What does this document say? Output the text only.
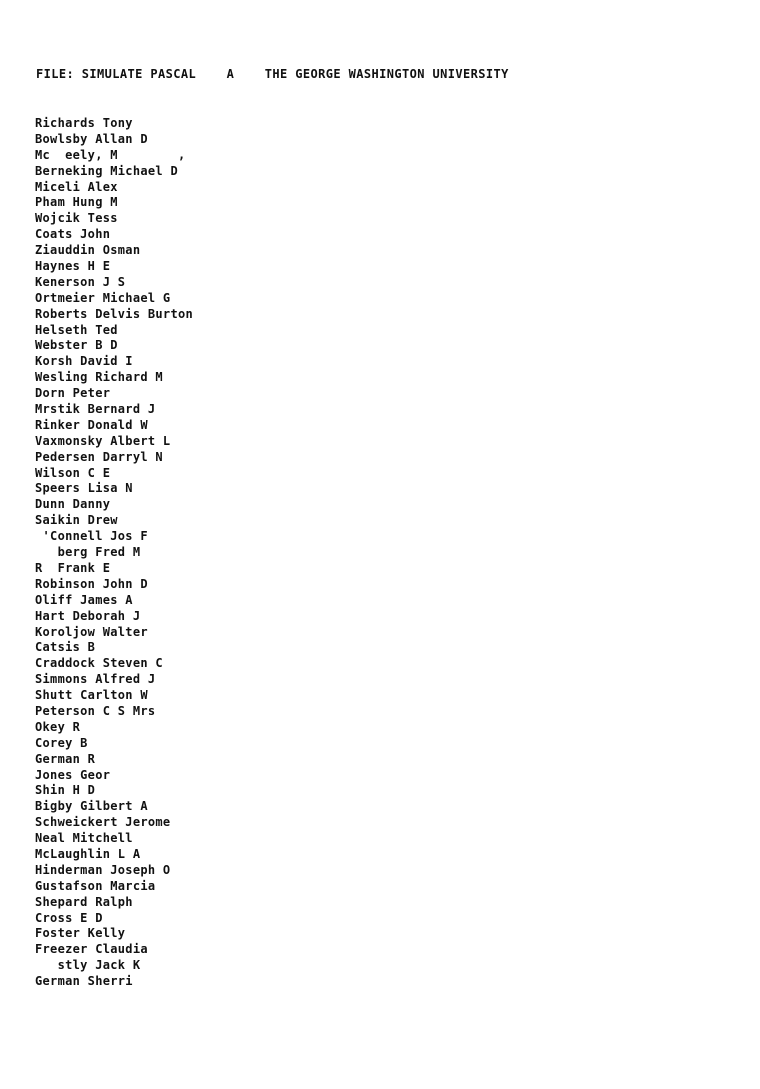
FILE: SIMULATE PASCAL	A	THE GEORGE WASHINGTON UNIVERSITY
Richards Tony
Bowlsby Allan D
Mc  eely, M        ,
Berneking Michael D
Miceli Alex
Pham Hung M
Wojcik Tess
Coats John
Ziauddin Osman
Haynes H E
Kenerson J S
Ortmeier Michael G
Roberts Delvis Burton
Helseth Ted
Webster B D
Korsh David I
Wesling Richard M
Dorn Peter
Mrstik Bernard J
Rinker Donald W
Vaxmonsky Albert L
Pedersen Darryl N
Wilson C E
Speers Lisa N
Dunn Danny
Saikin Drew
'Connell Jos F
berg Fred M
R  Frank E
Robinson John D
Oliff James A
Hart Deborah J
Koroljow Walter
Catsis B
Craddock Steven C
Simmons Alfred J
Shutt Carlton W
Peterson C S Mrs
Okey R
Corey B
German R
Jones Geor
Shin H D
Bigby Gilbert A
Schweickert Jerome
Neal Mitchell
McLaughlin L A
Hinderman Joseph O
Gustafson Marcia
Shepard Ralph
Cross E D
Foster Kelly
Freezer Claudia
stly Jack K
German Sherri
